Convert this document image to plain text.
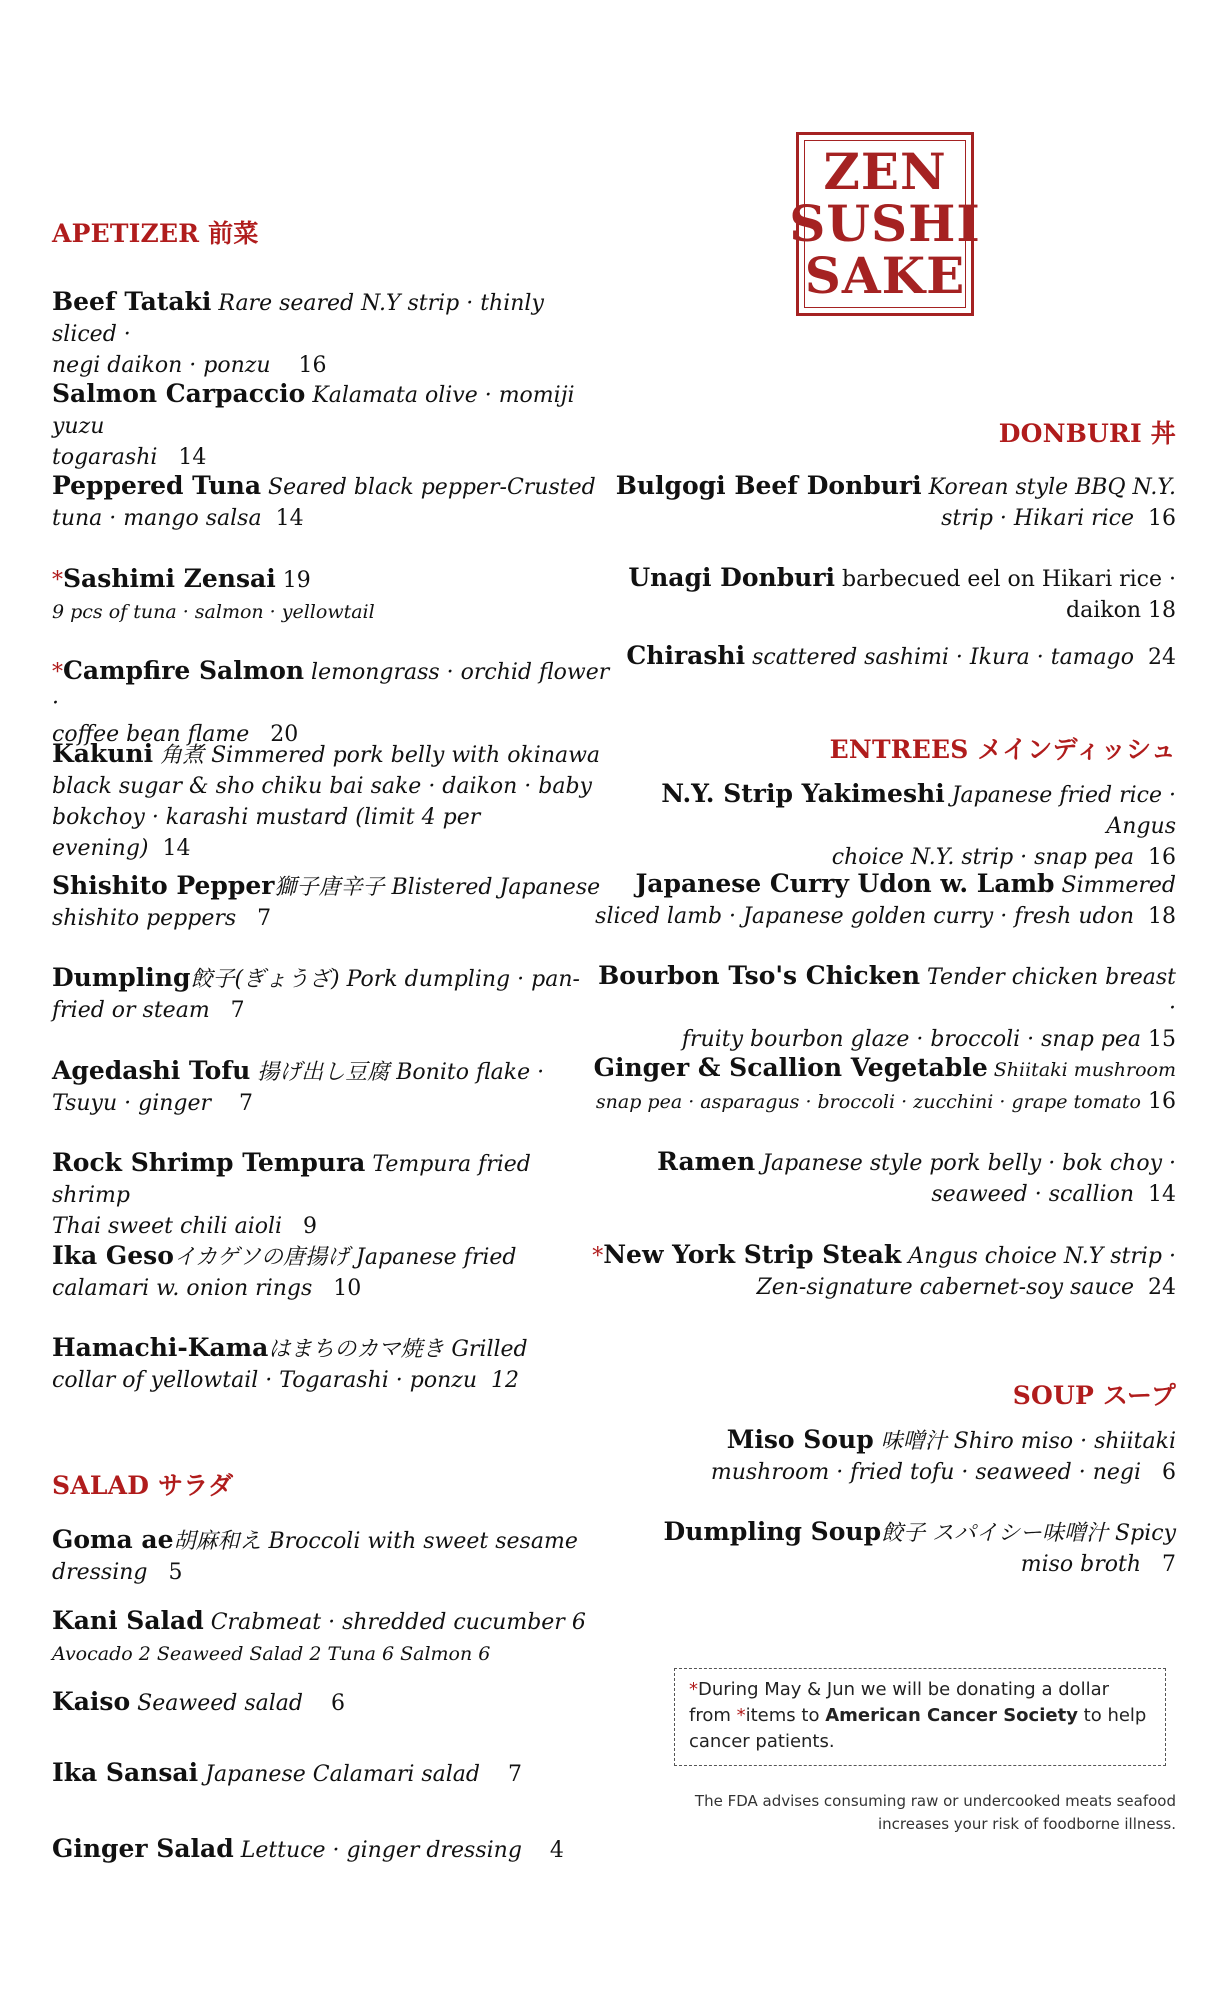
ZEN
SUSHI
SAKE
APETIZER 前菜
Beef Tataki Rare seared N.Y strip · thinly sliced ·
negi daikon · ponzu 16
Salmon Carpaccio Kalamata olive · momiji yuzu
togarashi 14
Peppered Tuna Seared black pepper-Crusted
tuna · mango salsa 14
*Sashimi Zensai 19
9 pcs of tuna · salmon · yellowtail
*Campfire Salmon lemongrass · orchid flower ·
coffee bean flame 20
Kakuni 角煮 Simmered pork belly with okinawa
black sugar & sho chiku bai sake · daikon · baby
bokchoy · karashi mustard (limit 4 per evening) 14
Shishito Pepper獅子唐辛子 Blistered Japanese
shishito peppers 7
Dumpling餃子(ぎょうざ) Pork dumpling · pan-
fried or steam 7
Agedashi Tofu 揚げ出し豆腐 Bonito flake ·
Tsuyu · ginger 7
Rock Shrimp Tempura Tempura fried shrimp
Thai sweet chili aioli 9
Ika Gesoイカゲソの唐揚げ Japanese fried
calamari w. onion rings 10
Hamachi-Kamaはまちのカマ焼き Grilled
collar of yellowtail · Togarashi · ponzu 12
SALAD サラダ
Goma ae胡麻和え Broccoli with sweet sesame
dressing 5
Kani Salad Crabmeat · shredded cucumber 6
Avocado 2 Seaweed Salad 2 Tuna 6 Salmon 6
Kaiso Seaweed salad 6
Ika Sansai Japanese Calamari salad 7
Ginger Salad Lettuce · ginger dressing 4
DONBURI 丼
Bulgogi Beef Donburi Korean style BBQ N.Y.
strip · Hikari rice 16
Unagi Donburi barbecued eel on Hikari rice ·
daikon 18
Chirashi scattered sashimi · Ikura · tamago 24
ENTREES メインディッシュ
N.Y. Strip Yakimeshi Japanese fried rice · Angus
choice N.Y. strip · snap pea 16
Japanese Curry Udon w. Lamb Simmered
sliced lamb · Japanese golden curry · fresh udon 18
Bourbon Tso's Chicken Tender chicken breast ·
fruity bourbon glaze · broccoli · snap pea 15
Ginger & Scallion Vegetable Shiitaki mushroom
snap pea · asparagus · broccoli · zucchini · grape tomato 16
Ramen Japanese style pork belly · bok choy ·
seaweed · scallion 14
*New York Strip Steak Angus choice N.Y strip ·
Zen-signature cabernet-soy sauce 24
SOUP スープ
Miso Soup 味噌汁 Shiro miso · shiitaki
mushroom · fried tofu · seaweed · negi 6
Dumpling Soup餃子 スパイシー味噌汁 Spicy
miso broth 7
*During May & Jun we will be donating a dollar
from *items to American Cancer Society to help
cancer patients.
The FDA advises consuming raw or undercooked meats seafood
increases your risk of foodborne illness.
